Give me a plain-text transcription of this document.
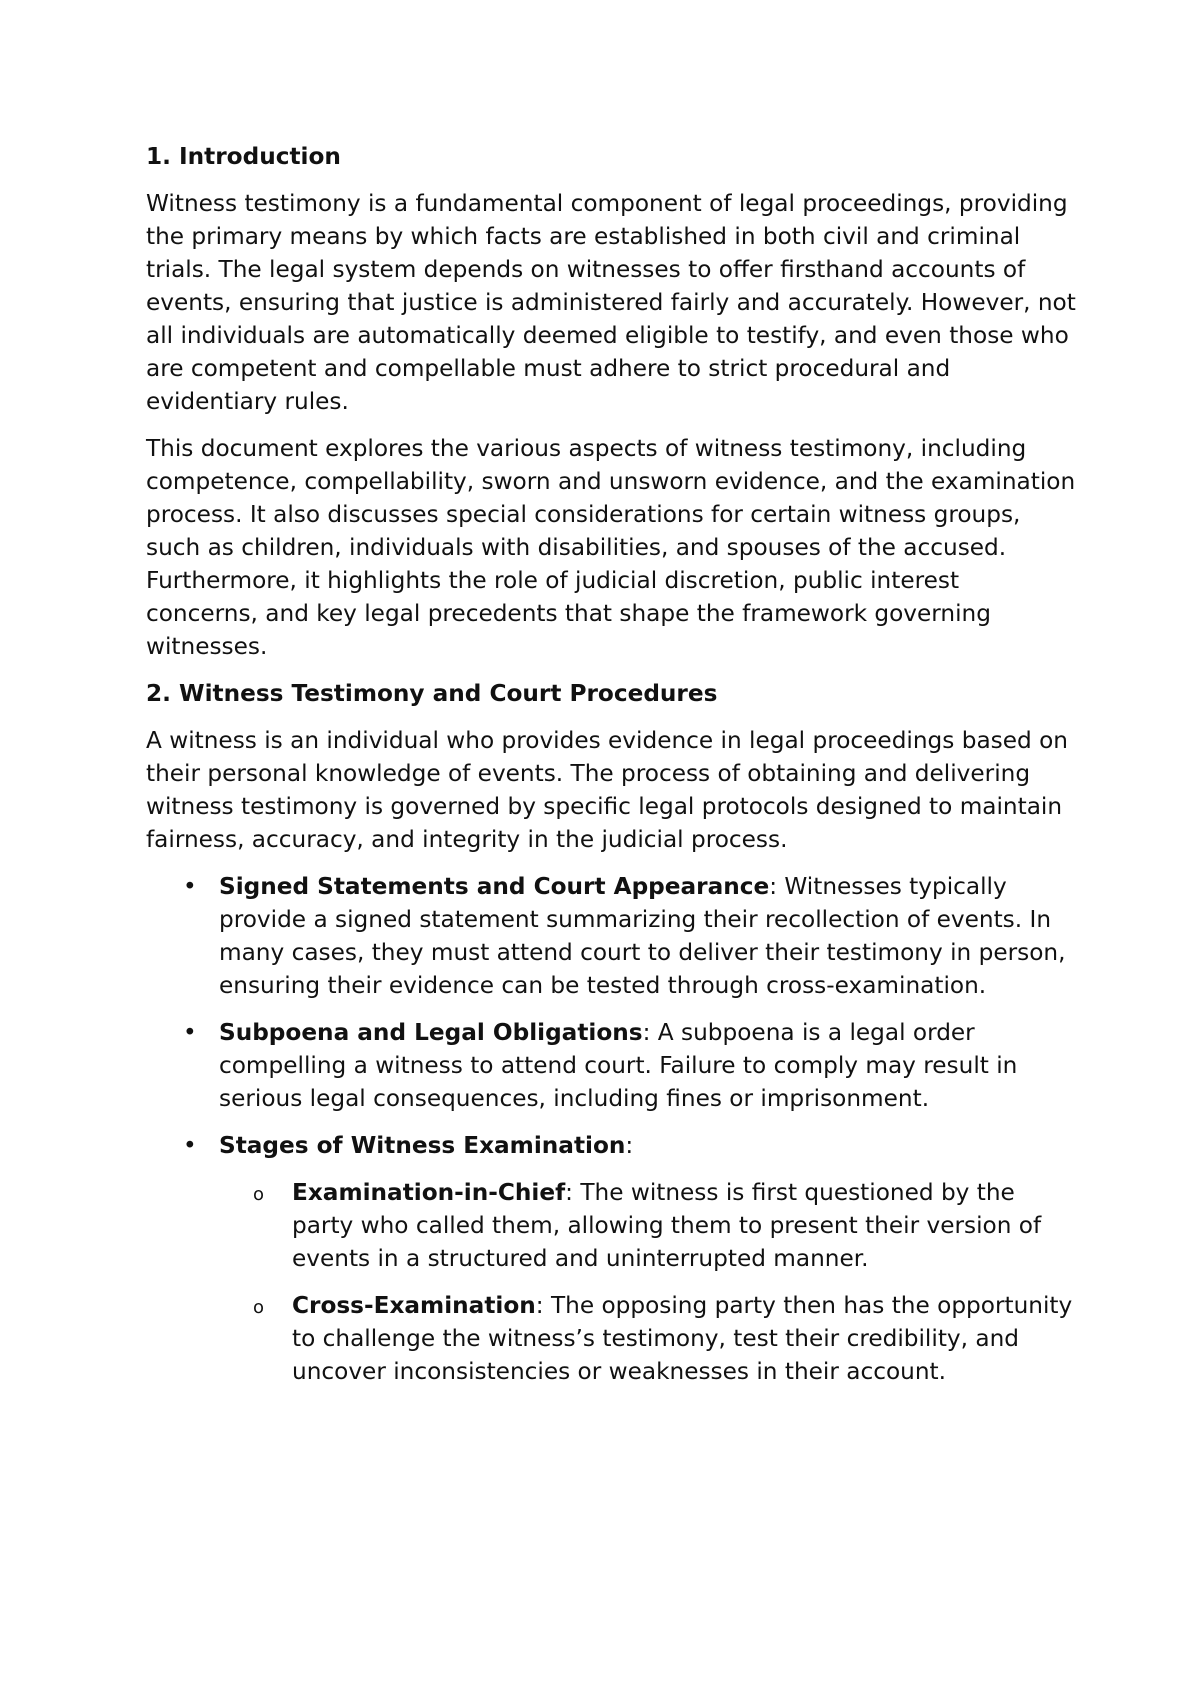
1. Introduction

Witness testimony is a fundamental component of legal proceedings, providing the primary means by which facts are established in both civil and criminal trials. The legal system depends on witnesses to offer firsthand accounts of events, ensuring that justice is administered fairly and accurately. However, not all individuals are automatically deemed eligible to testify, and even those who are competent and compellable must adhere to strict procedural and evidentiary rules.

This document explores the various aspects of witness testimony, including competence, compellability, sworn and unsworn evidence, and the examination process. It also discusses special considerations for certain witness groups, such as children, individuals with disabilities, and spouses of the accused. Furthermore, it highlights the role of judicial discretion, public interest concerns, and key legal precedents that shape the framework governing witnesses.

2. Witness Testimony and Court Procedures

A witness is an individual who provides evidence in legal proceedings based on their personal knowledge of events. The process of obtaining and delivering witness testimony is governed by specific legal protocols designed to maintain fairness, accuracy, and integrity in the judicial process.

• Signed Statements and Court Appearance: Witnesses typically provide a signed statement summarizing their recollection of events. In many cases, they must attend court to deliver their testimony in person, ensuring their evidence can be tested through cross-examination.
• Subpoena and Legal Obligations: A subpoena is a legal order compelling a witness to attend court. Failure to comply may result in serious legal consequences, including fines or imprisonment.
• Stages of Witness Examination:
o Examination-in-Chief: The witness is first questioned by the party who called them, allowing them to present their version of events in a structured and uninterrupted manner.
o Cross-Examination: The opposing party then has the opportunity to challenge the witness’s testimony, test their credibility, and uncover inconsistencies or weaknesses in their account.
